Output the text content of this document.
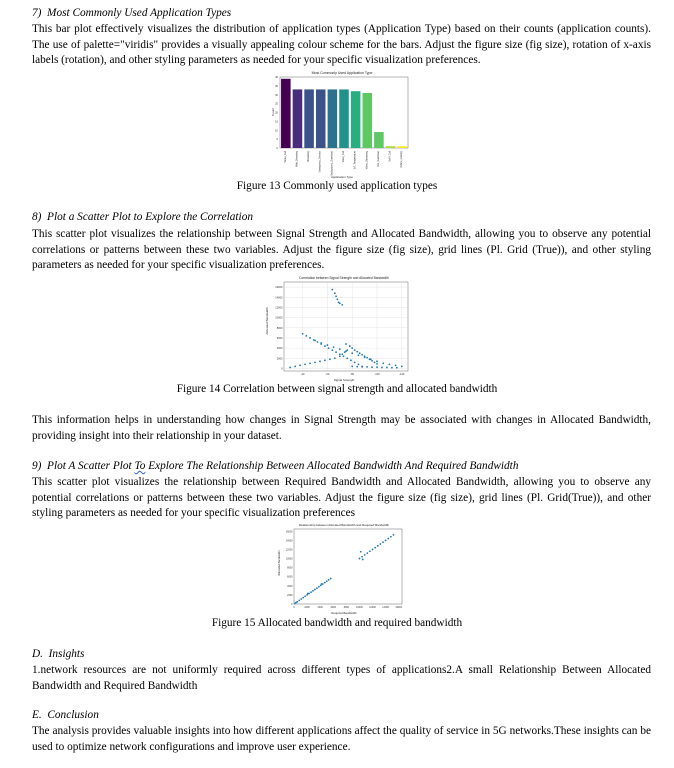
7)  Most Commonly Used Application Types
This bar plot effectively visualizes the distribution of application types (Application Type) based on their counts (application counts). The use of palette="viridis" provides a visually appealing colour scheme for the bars. Adjust the figure size (fig size), rotation of x-axis labels (rotation), and other styling parameters as needed for your specific visualization preferences.
Most Commonly Used Application Type
Count
Application Type
0
5
10
15
20
25
30
35
40
Video_Call	Web_Browsing	Streaming	Emergency_Service	Background_Download	Voice_Call	IoT_Temperature	Video_Streaming	File_Download	VoIP_Call	Online_Gaming
Figure 13 Commonly used application types
8)  Plot a Scatter Plot to Explore the Correlation
This scatter plot visualizes the relationship between Signal Strength and Allocated Bandwidth, allowing you to observe any potential correlations or patterns between these two variables. Adjust the figure size (fig size), grid lines (Pl. Grid (True)), and other styling parameters as needed for your specific visualization preferences.
Correlation between Signal Strength and Allocated Bandwidth
Allocated Bandwidth
Signal Strength
-40	-60	-80	-100	-120
0
2000
4000
6000
8000
10000
12000
14000
16000
Figure 14 Correlation between signal strength and allocated bandwidth
This information helps in understanding how changes in Signal Strength may be associated with changes in Allocated Bandwidth, providing insight into their relationship in your dataset.
9)  Plot A Scatter Plot To Explore The Relationship Between Allocated Bandwidth And Required Bandwidth
This scatter plot visualizes the relationship between Required Bandwidth and Allocated Bandwidth, allowing you to observe any potential correlations or patterns between these two variables. Adjust the figure size (fig size), grid lines (Pl. Grid(True)), and other styling parameters as needed for your specific visualization preferences
Relationship between Allocated Bandwidth and Required Bandwidth
Allocated Bandwidth
Required Bandwidth
0	2000	4000	6000	8000	10000	12000	14000	16000
0
2000
4000
6000
8000
10000
12000
14000
16000
Figure 15 Allocated bandwidth and required bandwidth
D.  Insights
1.network resources are not uniformly required across different types of applications2.A small Relationship Between Allocated Bandwidth and Required Bandwidth
E.  Conclusion
The analysis provides valuable insights into how different applications affect the quality of service in 5G networks.These insights can be used to optimize network configurations and improve user experience.
